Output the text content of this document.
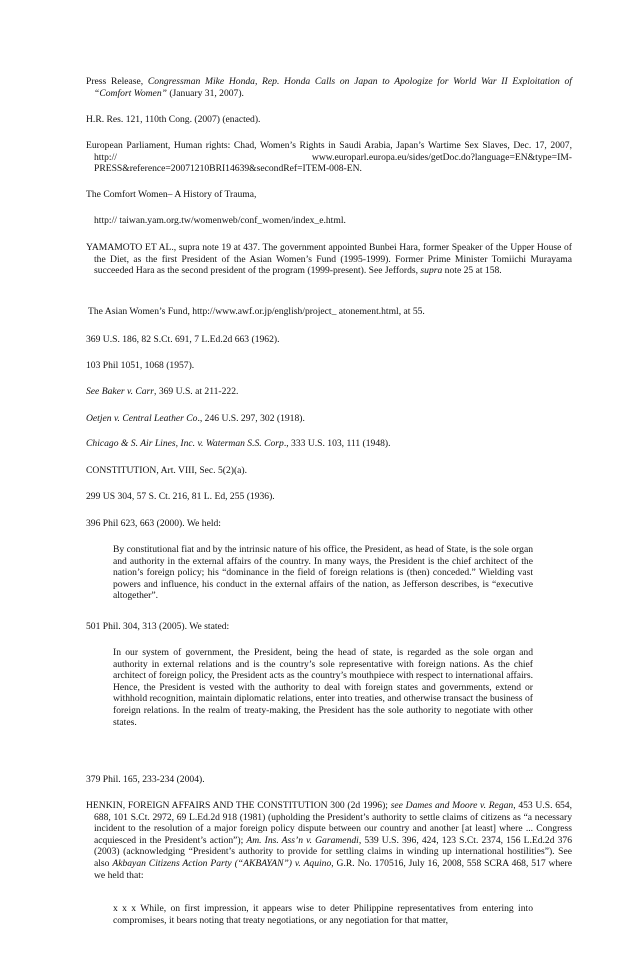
Press Release, Congressman Mike Honda, Rep. Honda Calls on Japan to Apologize for World War II Exploitation of “Comfort Women” (January 31, 2007).

H.R. Res. 121, 110th Cong. (2007) (enacted).

European Parliament, Human rights: Chad, Women’s Rights in Saudi Arabia, Japan’s Wartime Sex Slaves, Dec. 17, 2007, http:// www.europarl.europa.eu/sides/getDoc.do?language=EN&type=IM-PRESS&reference=20071210BRI14639&secondRef=ITEM-008-EN.

The Comfort Women– A History of Trauma,

http:// taiwan.yam.org.tw/womenweb/conf_women/index_e.html.

YAMAMOTO ET AL., supra note 19 at 437. The government appointed Bunbei Hara, former Speaker of the Upper House of the Diet, as the first President of the Asian Women’s Fund (1995-1999). Former Prime Minister Tomiichi Murayama succeeded Hara as the second president of the program (1999-present). See Jeffords, supra note 25 at 158.

The Asian Women’s Fund, http://www.awf.or.jp/english/project_ atonement.html, at 55.

369 U.S. 186, 82 S.Ct. 691, 7 L.Ed.2d 663 (1962).

103 Phil 1051, 1068 (1957).

See Baker v. Carr, 369 U.S. at 211-222.

Oetjen v. Central Leather Co., 246 U.S. 297, 302 (1918).

Chicago & S. Air Lines, Inc. v. Waterman S.S. Corp., 333 U.S. 103, 111 (1948).

CONSTITUTION, Art. VIII, Sec. 5(2)(a).

299 US 304, 57 S. Ct. 216, 81 L. Ed, 255 (1936).

396 Phil 623, 663 (2000). We held:

By constitutional fiat and by the intrinsic nature of his office, the President, as head of State, is the sole organ and authority in the external affairs of the country. In many ways, the President is the chief architect of the nation’s foreign policy; his “dominance in the field of foreign relations is (then) conceded.” Wielding vast powers and influence, his conduct in the external affairs of the nation, as Jefferson describes, is “executive altogether”.

501 Phil. 304, 313 (2005). We stated:

In our system of government, the President, being the head of state, is regarded as the sole organ and authority in external relations and is the country’s sole representative with foreign nations. As the chief architect of foreign policy, the President acts as the country’s mouthpiece with respect to international affairs. Hence, the President is vested with the authority to deal with foreign states and governments, extend or withhold recognition, maintain diplomatic relations, enter into treaties, and otherwise transact the business of foreign relations. In the realm of treaty-making, the President has the sole authority to negotiate with other states.

379 Phil. 165, 233-234 (2004).

HENKIN, FOREIGN AFFAIRS AND THE CONSTITUTION 300 (2d 1996); see Dames and Moore v. Regan, 453 U.S. 654, 688, 101 S.Ct. 2972, 69 L.Ed.2d 918 (1981) (upholding the President’s authority to settle claims of citizens as “a necessary incident to the resolution of a major foreign policy dispute between our country and another [at least] where ... Congress acquiesced in the President’s action”); Am. Ins. Ass’n v. Garamendi, 539 U.S. 396, 424, 123 S.Ct. 2374, 156 L.Ed.2d 376 (2003) (acknowledging “President’s authority to provide for settling claims in winding up international hostilities”). See also Akbayan Citizens Action Party (“AKBAYAN”) v. Aquino, G.R. No. 170516, July 16, 2008, 558 SCRA 468, 517 where we held that:

x x x While, on first impression, it appears wise to deter Philippine representatives from entering into compromises, it bears noting that treaty negotiations, or any negotiation for that matter,
